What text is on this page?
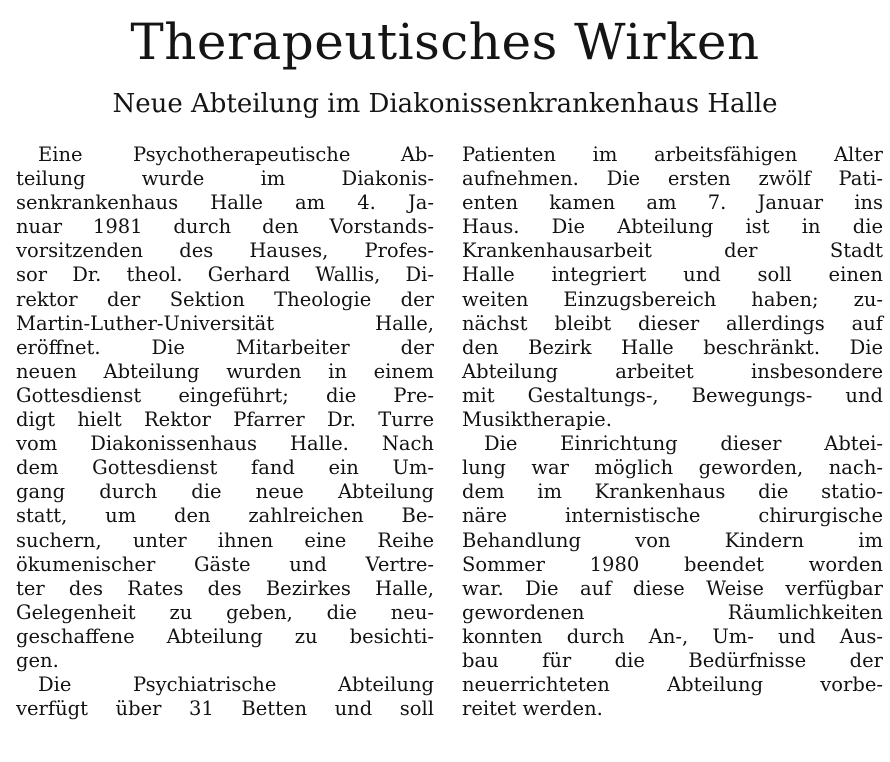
Therapeutisches Wirken
Neue Abteilung im Diakonissenkrankenhaus Halle
Eine Psychotherapeutische Ab-
teilung wurde im Diakonis-
senkrankenhaus Halle am 4. Ja-
nuar 1981 durch den Vorstands-
vorsitzenden des Hauses, Profes-
sor Dr. theol. Gerhard Wallis, Di-
rektor der Sektion Theologie der
Martin-Luther-Universität Halle,
eröffnet. Die Mitarbeiter der
neuen Abteilung wurden in einem
Gottesdienst eingeführt; die Pre-
digt hielt Rektor Pfarrer Dr. Turre
vom Diakonissenhaus Halle. Nach
dem Gottesdienst fand ein Um-
gang durch die neue Abteilung
statt, um den zahlreichen Be-
suchern, unter ihnen eine Reihe
ökumenischer Gäste und Vertre-
ter des Rates des Bezirkes Halle,
Gelegenheit zu geben, die neu-
geschaffene Abteilung zu besichti-
gen.
Die Psychiatrische Abteilung
verfügt über 31 Betten und soll
Patienten im arbeitsfähigen Alter
aufnehmen. Die ersten zwölf Pati-
enten kamen am 7. Januar ins
Haus. Die Abteilung ist in die
Krankenhausarbeit der Stadt
Halle integriert und soll einen
weiten Einzugsbereich haben; zu-
nächst bleibt dieser allerdings auf
den Bezirk Halle beschränkt. Die
Abteilung arbeitet insbesondere
mit Gestaltungs-, Bewegungs- und
Musiktherapie.
Die Einrichtung dieser Abtei-
lung war möglich geworden, nach-
dem im Krankenhaus die statio-
näre internistische chirurgische
Behandlung von Kindern im
Sommer 1980 beendet worden
war. Die auf diese Weise verfügbar
gewordenen Räumlichkeiten
konnten durch An-, Um- und Aus-
bau für die Bedürfnisse der
neuerrichteten Abteilung vorbe-
reitet werden.
